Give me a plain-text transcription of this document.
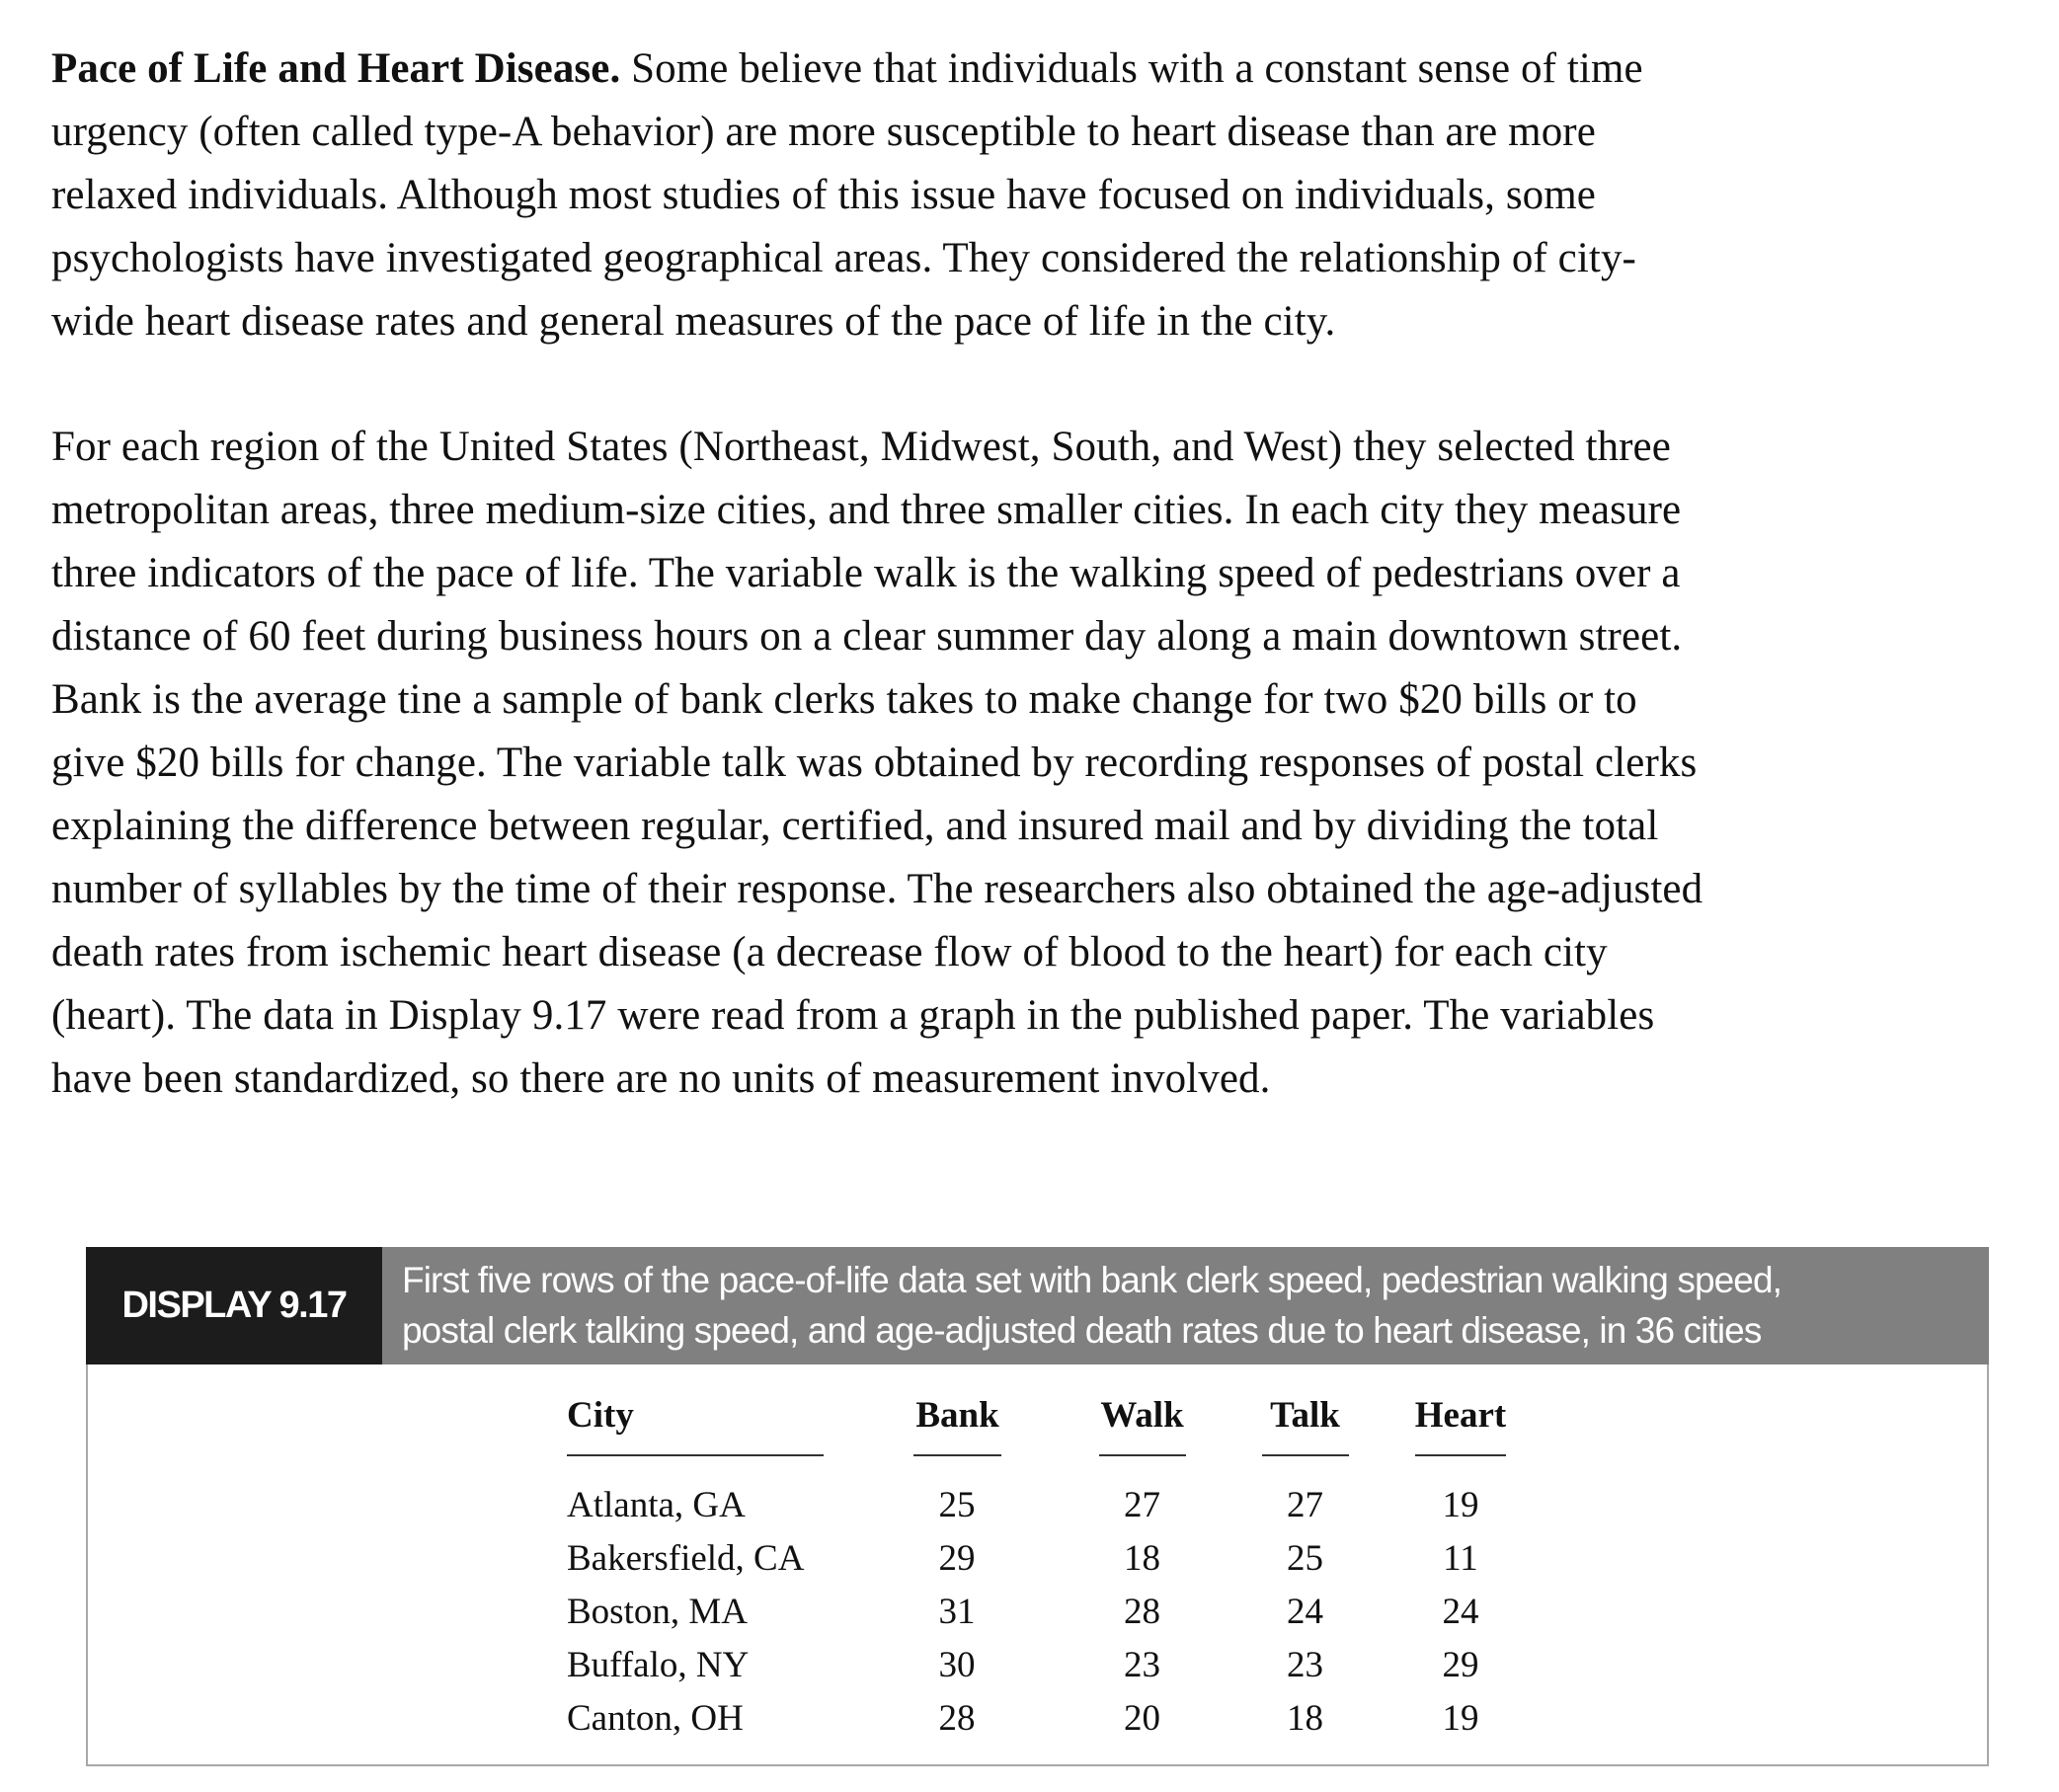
Pace of Life and Heart Disease. Some believe that individuals with a constant sense of time
urgency (often called type-A behavior) are more susceptible to heart disease than are more
relaxed individuals. Although most studies of this issue have focused on individuals, some
psychologists have investigated geographical areas. They considered the relationship of city-
wide heart disease rates and general measures of the pace of life in the city.

For each region of the United States (Northeast, Midwest, South, and West) they selected three
metropolitan areas, three medium-size cities, and three smaller cities. In each city they measure
three indicators of the pace of life. The variable walk is the walking speed of pedestrians over a
distance of 60 feet during business hours on a clear summer day along a main downtown street.
Bank is the average tine a sample of bank clerks takes to make change for two $20 bills or to
give $20 bills for change. The variable talk was obtained by recording responses of postal clerks
explaining the difference between regular, certified, and insured mail and by dividing the total
number of syllables by the time of their response. The researchers also obtained the age-adjusted
death rates from ischemic heart disease (a decrease flow of blood to the heart) for each city
(heart). The data in Display 9.17 were read from a graph in the published paper. The variables
have been standardized, so there are no units of measurement involved.

DISPLAY 9.17
First five rows of the pace-of-life data set with bank clerk speed, pedestrian walking speed,
postal clerk talking speed, and age-adjusted death rates due to heart disease, in 36 cities
City	Bank	Walk	Talk	Heart
Atlanta, GA	25	27	27	19
Bakersfield, CA	29	18	25	11
Boston, MA	31	28	24	24
Buffalo, NY	30	23	23	29
Canton, OH	28	20	18	19
